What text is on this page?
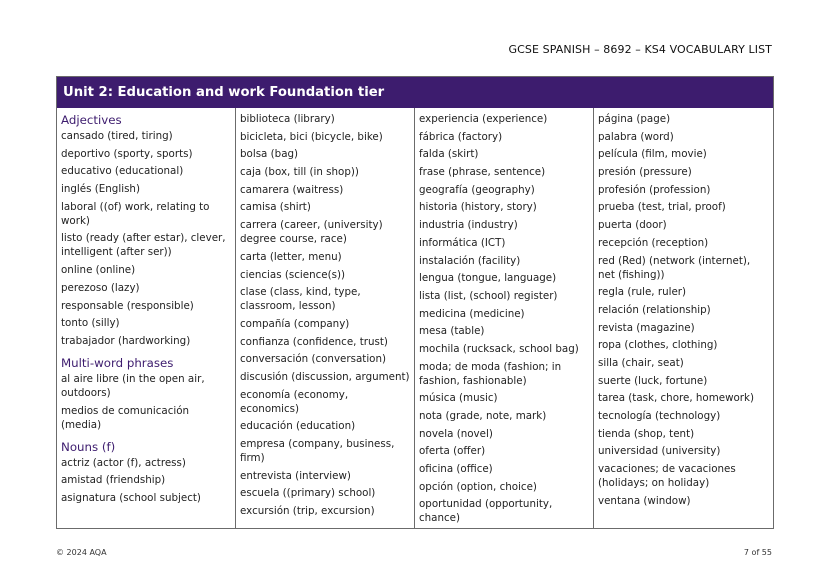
GCSE SPANISH – 8692 – KS4 VOCABULARY LIST
Unit 2: Education and work Foundation tier
Adjectives
cansado (tired, tiring)
deportivo (sporty, sports)
educativo (educational)
inglés (English)
laboral ((of) work, relating to work)
listo (ready (after estar), clever, intelligent (after ser))
online (online)
perezoso (lazy)
responsable (responsible)
tonto (silly)
trabajador (hardworking)
Multi-word phrases
al aire libre (in the open air, outdoors)
medios de comunicación (media)
Nouns (f)
actriz (actor (f), actress)
amistad (friendship)
asignatura (school subject)
biblioteca (library)
bicicleta, bici (bicycle, bike)
bolsa (bag)
caja (box, till (in shop))
camarera (waitress)
camisa (shirt)
carrera (career, (university) degree course, race)
carta (letter, menu)
ciencias (science(s))
clase (class, kind, type, classroom, lesson)
compañía (company)
confianza (confidence, trust)
conversación (conversation)
discusión (discussion, argument)
economía (economy, economics)
educación (education)
empresa (company, business, firm)
entrevista (interview)
escuela ((primary) school)
excursión (trip, excursion)
experiencia (experience)
fábrica (factory)
falda (skirt)
frase (phrase, sentence)
geografía (geography)
historia (history, story)
industria (industry)
informática (ICT)
instalación (facility)
lengua (tongue, language)
lista (list, (school) register)
medicina (medicine)
mesa (table)
mochila (rucksack, school bag)
moda; de moda (fashion; in fashion, fashionable)
música (music)
nota (grade, note, mark)
novela (novel)
oferta (offer)
oficina (office)
opción (option, choice)
oportunidad (opportunity, chance)
página (page)
palabra (word)
película (film, movie)
presión (pressure)
profesión (profession)
prueba (test, trial, proof)
puerta (door)
recepción (reception)
red (Red) (network (internet), net (fishing))
regla (rule, ruler)
relación (relationship)
revista (magazine)
ropa (clothes, clothing)
silla (chair, seat)
suerte (luck, fortune)
tarea (task, chore, homework)
tecnología (technology)
tienda (shop, tent)
universidad (university)
vacaciones; de vacaciones (holidays; on holiday)
ventana (window)
© 2024 AQA	7 of 55
